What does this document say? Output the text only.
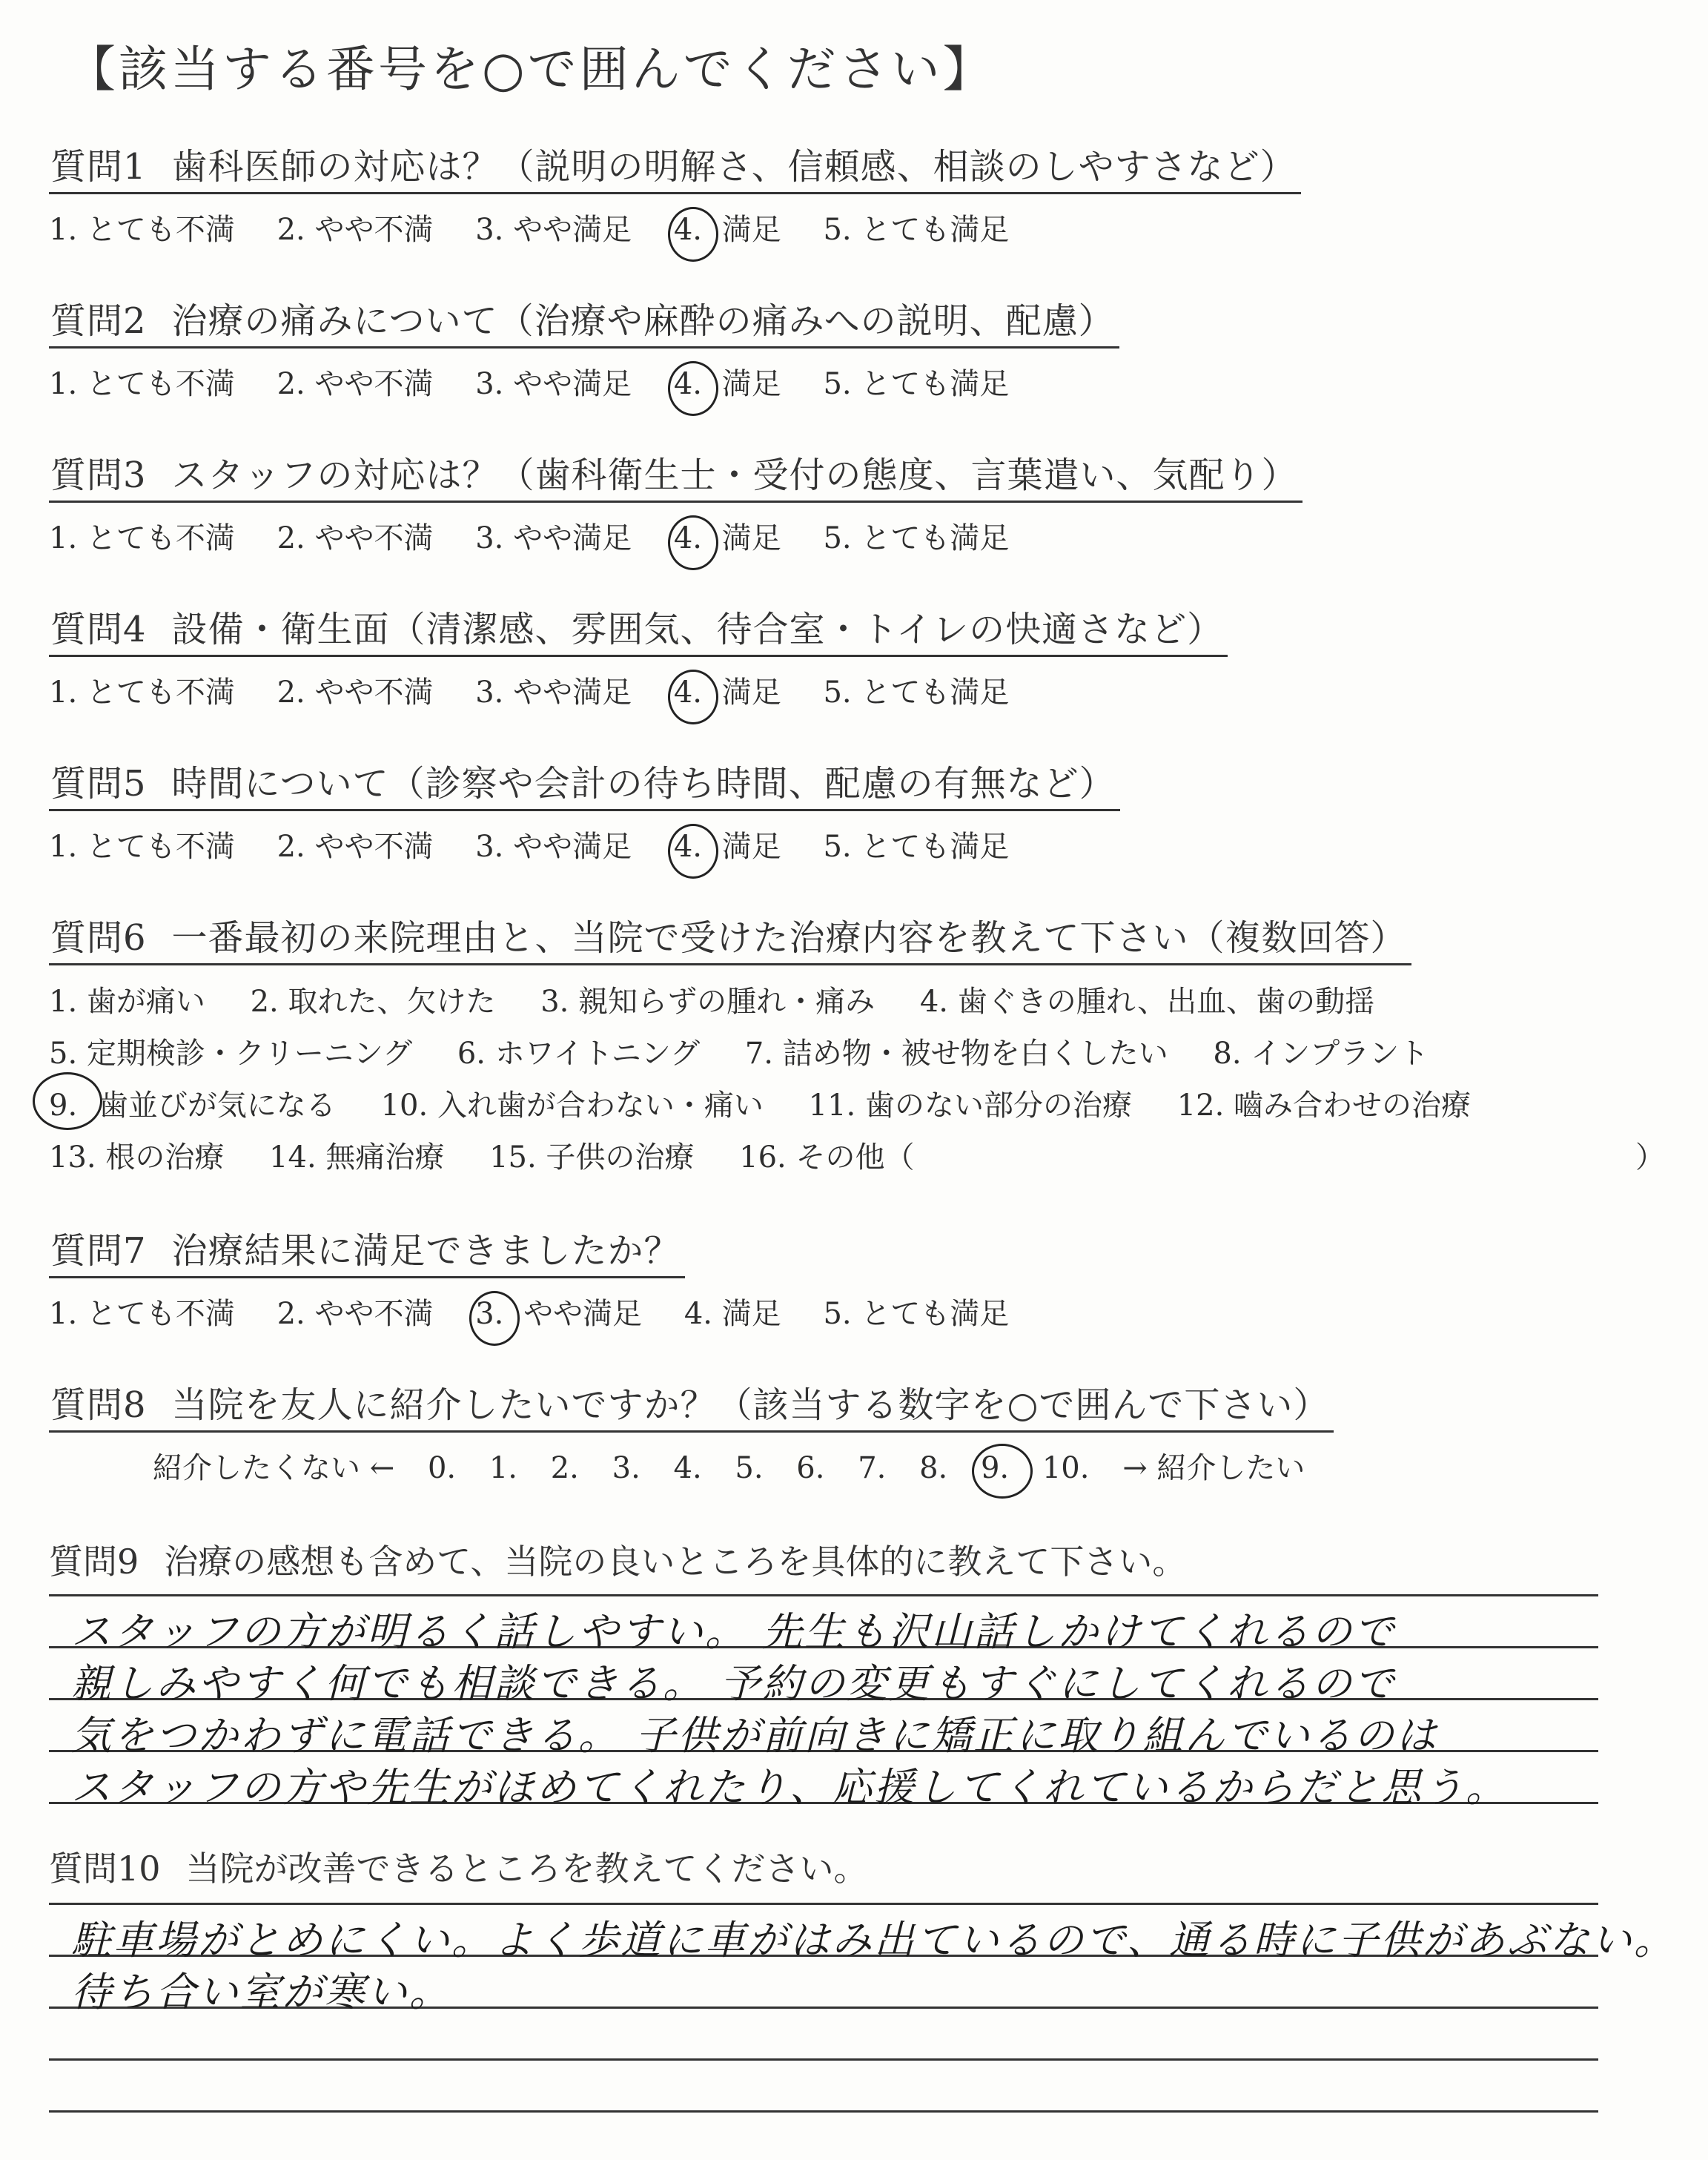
【該当する番号を○で囲んでください】
質問1 歯科医師の対応は？（説明の明解さ、信頼感、相談のしやすさなど）
1. とても不満 2. やや不満 3. やや満足 4. 満足 5. とても満足
質問2 治療の痛みについて（治療や麻酔の痛みへの説明、配慮）
1. とても不満 2. やや不満 3. やや満足 4. 満足 5. とても満足
質問3 スタッフの対応は？（歯科衛生士・受付の態度、言葉遣い、気配り）
1. とても不満 2. やや不満 3. やや満足 4. 満足 5. とても満足
質問4 設備・衛生面（清潔感、雰囲気、待合室・トイレの快適さなど）
1. とても不満 2. やや不満 3. やや満足 4. 満足 5. とても満足
質問5 時間について（診察や会計の待ち時間、配慮の有無など）
1. とても不満 2. やや不満 3. やや満足 4. 満足 5. とても満足
質問6 一番最初の来院理由と、当院で受けた治療内容を教えて下さい（複数回答）
1. 歯が痛い 2. 取れた、欠けた 3. 親知らずの腫れ・痛み 4. 歯ぐきの腫れ、出血、歯の動揺
5. 定期検診・クリーニング 6. ホワイトニング 7. 詰め物・被せ物を白くしたい 8. インプラント
9. 歯並びが気になる 10. 入れ歯が合わない・痛い 11. 歯のない部分の治療 12. 嚙み合わせの治療
13. 根の治療 14. 無痛治療 15. 子供の治療 16. その他（	）
質問7 治療結果に満足できましたか？
1. とても不満 2. やや不満 3. やや満足 4. 満足 5. とても満足
質問8 当院を友人に紹介したいですか？（該当する数字を○で囲んで下さい）
紹介したくない ← 0. 1. 2. 3. 4. 5. 6. 7. 8. 9. 10. → 紹介したい
質問9 治療の感想も含めて、当院の良いところを具体的に教えて下さい。
スタッフの方が明るく話しやすい。 先生も沢山話しかけてくれるので
親しみやすく何でも相談できる。 予約の変更もすぐにしてくれるので
気をつかわずに電話できる。 子供が前向きに矯正に取り組んでいるのは
スタッフの方や先生がほめてくれたり、応援してくれているからだと思う。
質問10 当院が改善できるところを教えてください。
駐車場がとめにくい。よく歩道に車がはみ出ているので、通る時に子供があぶない。
待ち合い室が寒い。
